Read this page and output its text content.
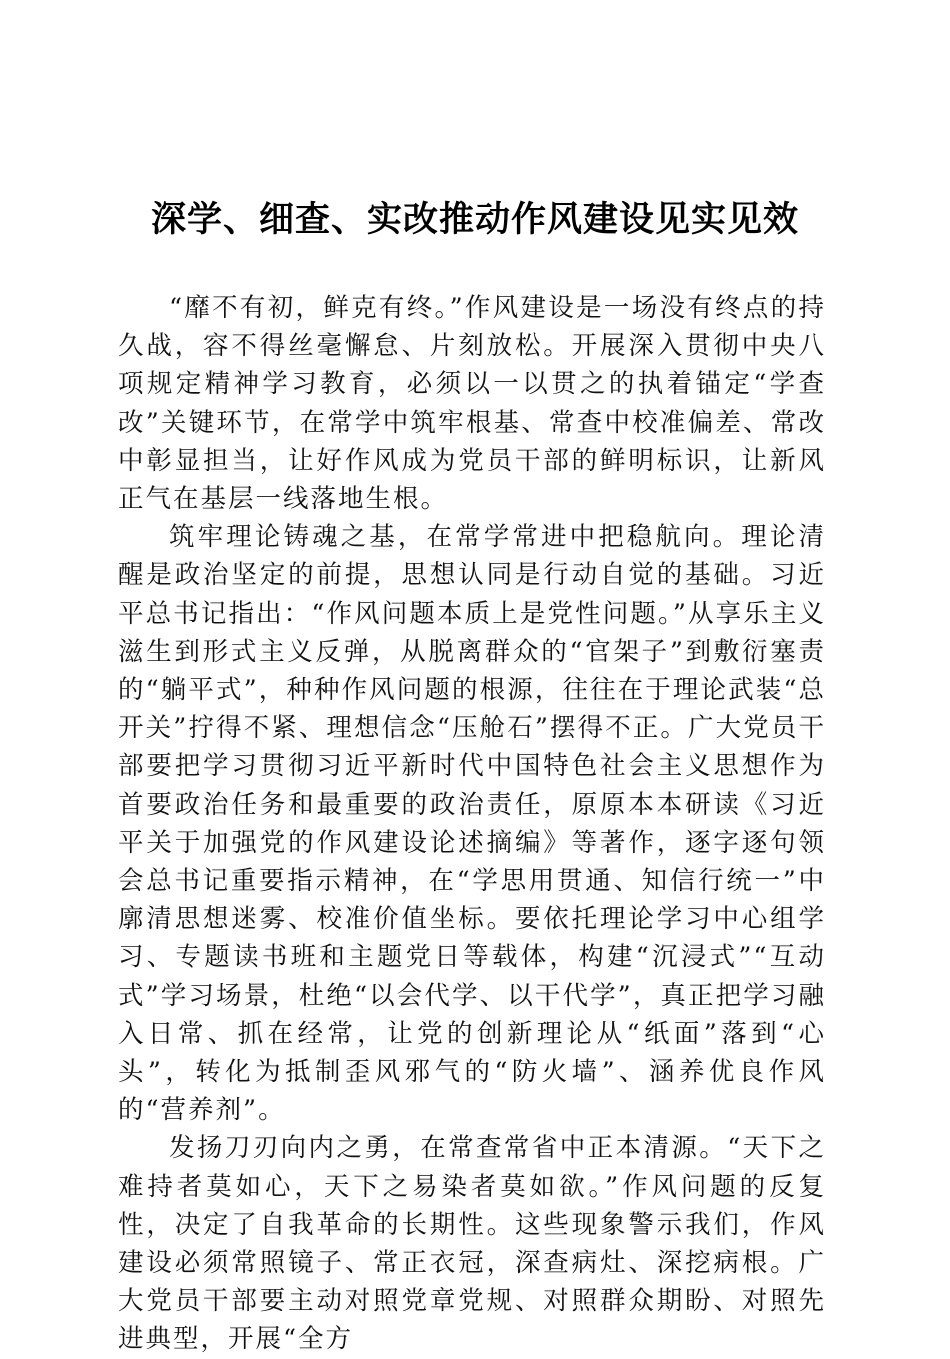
深学、细查、实改推动作风建设见实见效

“靡不有初，鲜克有终。”作风建设是一场没有终点的持久战，容不得丝毫懈怠、片刻放松。开展深入贯彻中央八项规定精神学习教育，必须以一以贯之的执着锚定“学查改”关键环节，在常学中筑牢根基、常查中校准偏差、常改中彰显担当，让好作风成为党员干部的鲜明标识，让新风正气在基层一线落地生根。

筑牢理论铸魂之基，在常学常进中把稳航向。理论清醒是政治坚定的前提，思想认同是行动自觉的基础。习近平总书记指出：“作风问题本质上是党性问题。”从享乐主义滋生到形式主义反弹，从脱离群众的“官架子”到敷衍塞责的“躺平式”，种种作风问题的根源，往往在于理论武装“总开关”拧得不紧、理想信念“压舱石”摆得不正。广大党员干部要把学习贯彻习近平新时代中国特色社会主义思想作为首要政治任务和最重要的政治责任，原原本本研读《习近平关于加强党的作风建设论述摘编》等著作，逐字逐句领会总书记重要指示精神，在“学思用贯通、知信行统一”中廓清思想迷雾、校准价值坐标。要依托理论学习中心组学习、专题读书班和主题党日等载体，构建“沉浸式”“互动式”学习场景，杜绝“以会代学、以干代学”，真正把学习融入日常、抓在经常，让党的创新理论从“纸面”落到“心头”，转化为抵制歪风邪气的“防火墙”、涵养优良作风的“营养剂”。

发扬刀刃向内之勇，在常查常省中正本清源。“天下之难持者莫如心，天下之易染者莫如欲。”作风问题的反复性，决定了自我革命的长期性。这些现象警示我们，作风建设必须常照镜子、常正衣冠，深查病灶、深挖病根。广大党员干部要主动对照党章党规、对照群众期盼、对照先进典型，开展“全方
